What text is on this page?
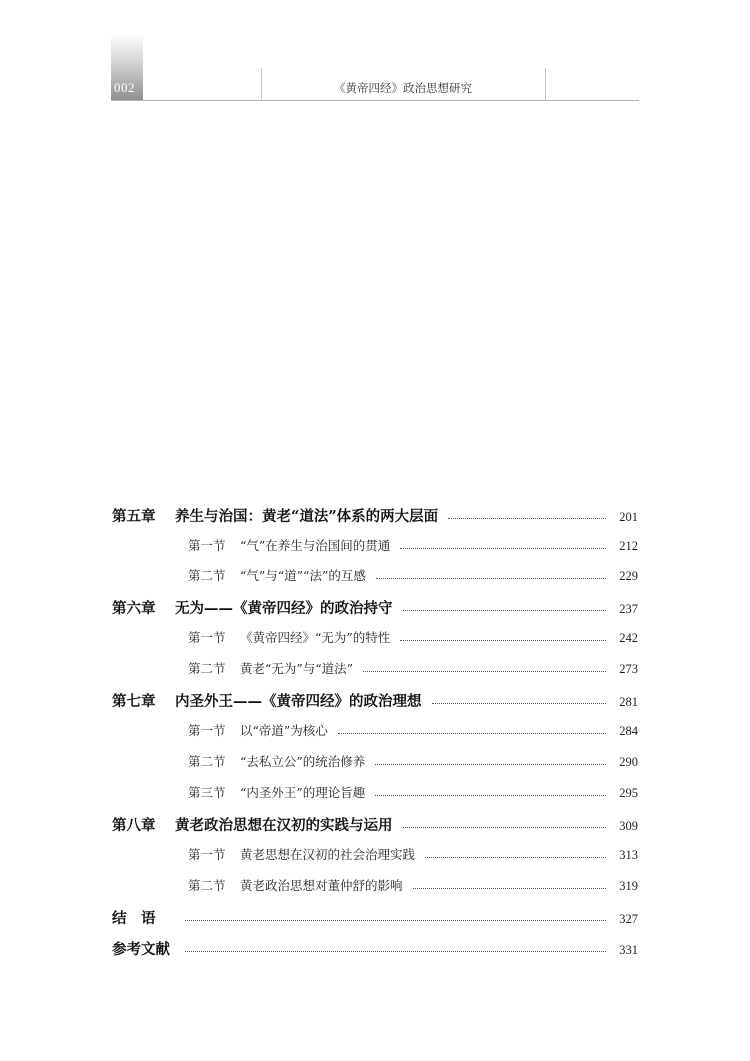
002	《黄帝四经》政治思想研究
第五章 养生与治国：黄老“道法”体系的两大层面	201
第一节 “气”在养生与治国间的贯通	212
第二节 “气”与“道”“法”的互感	229
第六章 无为——《黄帝四经》的政治持守	237
第一节 《黄帝四经》“无为”的特性	242
第二节 黄老“无为”与“道法”	273
第七章 内圣外王——《黄帝四经》的政治理想	281
第一节 以“帝道”为核心	284
第二节 “去私立公”的统治修养	290
第三节 “内圣外王”的理论旨趣	295
第八章 黄老政治思想在汉初的实践与运用	309
第一节 黄老思想在汉初的社会治理实践	313
第二节 黄老政治思想对董仲舒的影响	319
结　语	327
参考文献	331
